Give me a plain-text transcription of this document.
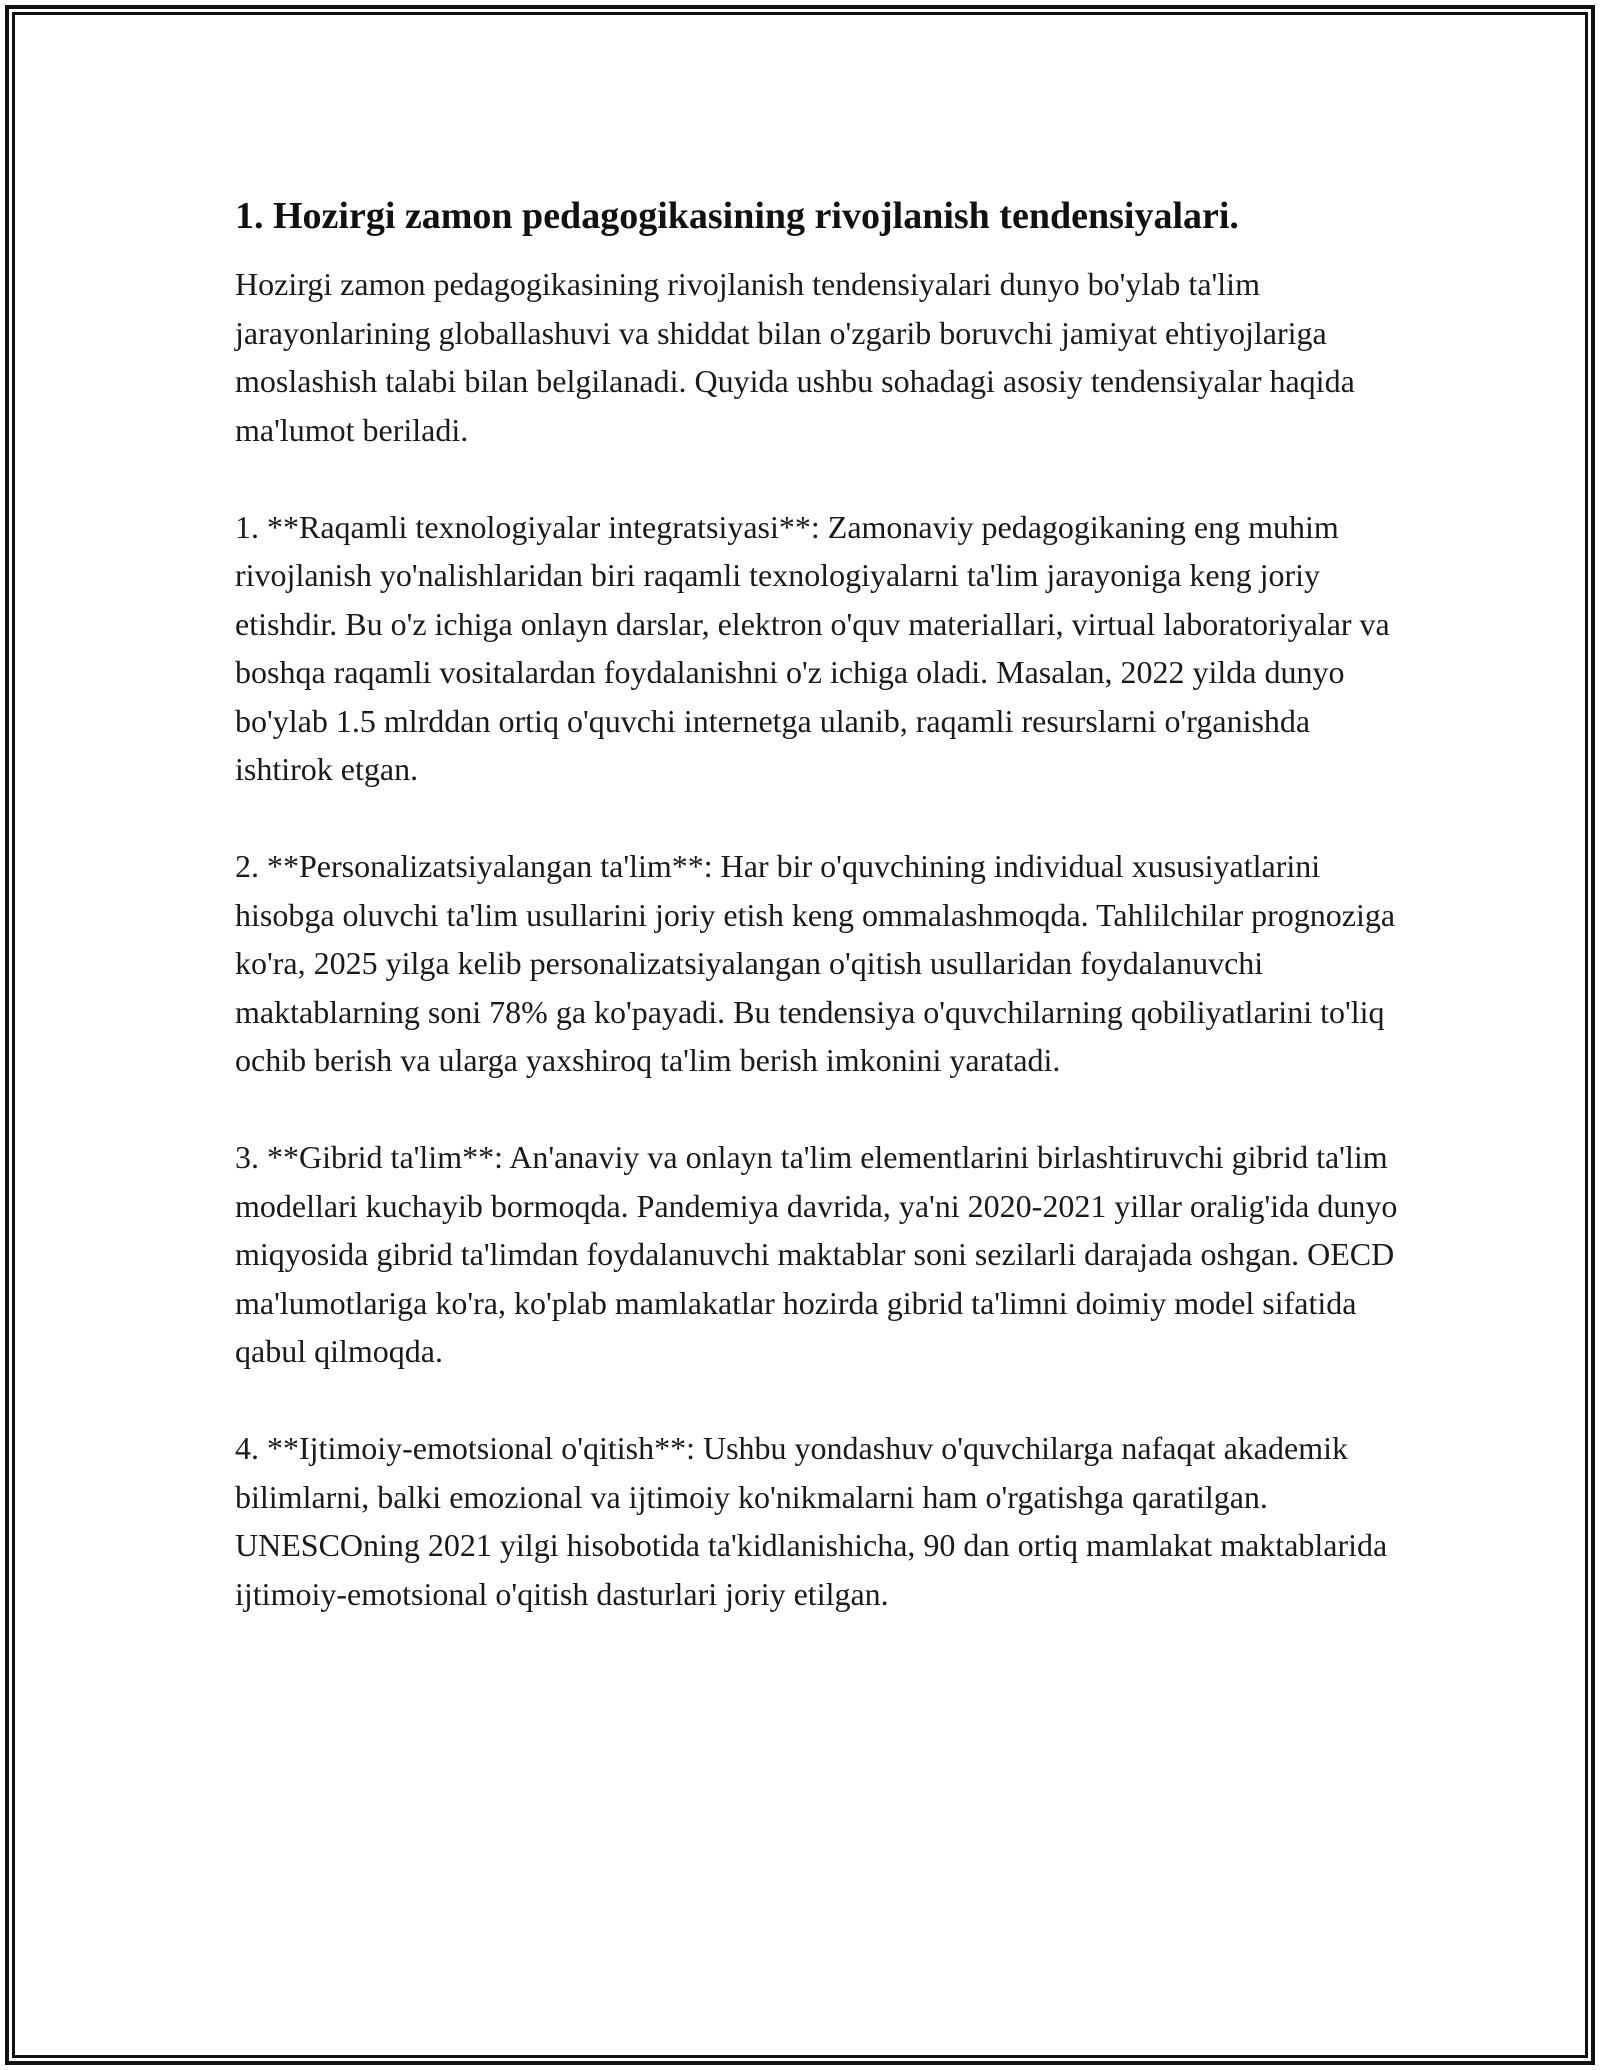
1. Hozirgi zamon pedagogikasining rivojlanish tendensiyalari.

Hozirgi zamon pedagogikasining rivojlanish tendensiyalari dunyo bo'ylab ta'lim jarayonlarining globallashuvi va shiddat bilan o'zgarib boruvchi jamiyat ehtiyojlariga moslashish talabi bilan belgilanadi. Quyida ushbu sohadagi asosiy tendensiyalar haqida ma'lumot beriladi.

1. **Raqamli texnologiyalar integratsiyasi**: Zamonaviy pedagogikaning eng muhim rivojlanish yo'nalishlaridan biri raqamli texnologiyalarni ta'lim jarayoniga keng joriy etishdir. Bu o'z ichiga onlayn darslar, elektron o'quv materiallari, virtual laboratoriyalar va boshqa raqamli vositalardan foydalanishni o'z ichiga oladi. Masalan, 2022 yilda dunyo bo'ylab 1.5 mlrddan ortiq o'quvchi internetga ulanib, raqamli resurslarni o'rganishda ishtirok etgan.

2. **Personalizatsiyalangan ta'lim**: Har bir o'quvchining individual xususiyatlarini hisobga oluvchi ta'lim usullarini joriy etish keng ommalashmoqda. Tahlilchilar prognoziga ko'ra, 2025 yilga kelib personalizatsiyalangan o'qitish usullaridan foydalanuvchi maktablarning soni 78% ga ko'payadi. Bu tendensiya o'quvchilarning qobiliyatlarini to'liq ochib berish va ularga yaxshiroq ta'lim berish imkonini yaratadi.

3. **Gibrid ta'lim**: An'anaviy va onlayn ta'lim elementlarini birlashtiruvchi gibrid ta'lim modellari kuchayib bormoqda. Pandemiya davrida, ya'ni 2020-2021 yillar oralig'ida dunyo miqyosida gibrid ta'limdan foydalanuvchi maktablar soni sezilarli darajada oshgan. OECD ma'lumotlariga ko'ra, ko'plab mamlakatlar hozirda gibrid ta'limni doimiy model sifatida qabul qilmoqda.

4. **Ijtimoiy-emotsional o'qitish**: Ushbu yondashuv o'quvchilarga nafaqat akademik bilimlarni, balki emozional va ijtimoiy ko'nikmalarni ham o'rgatishga qaratilgan. UNESCOning 2021 yilgi hisobotida ta'kidlanishicha, 90 dan ortiq mamlakat maktablarida ijtimoiy-emotsional o'qitish dasturlari joriy etilgan.
